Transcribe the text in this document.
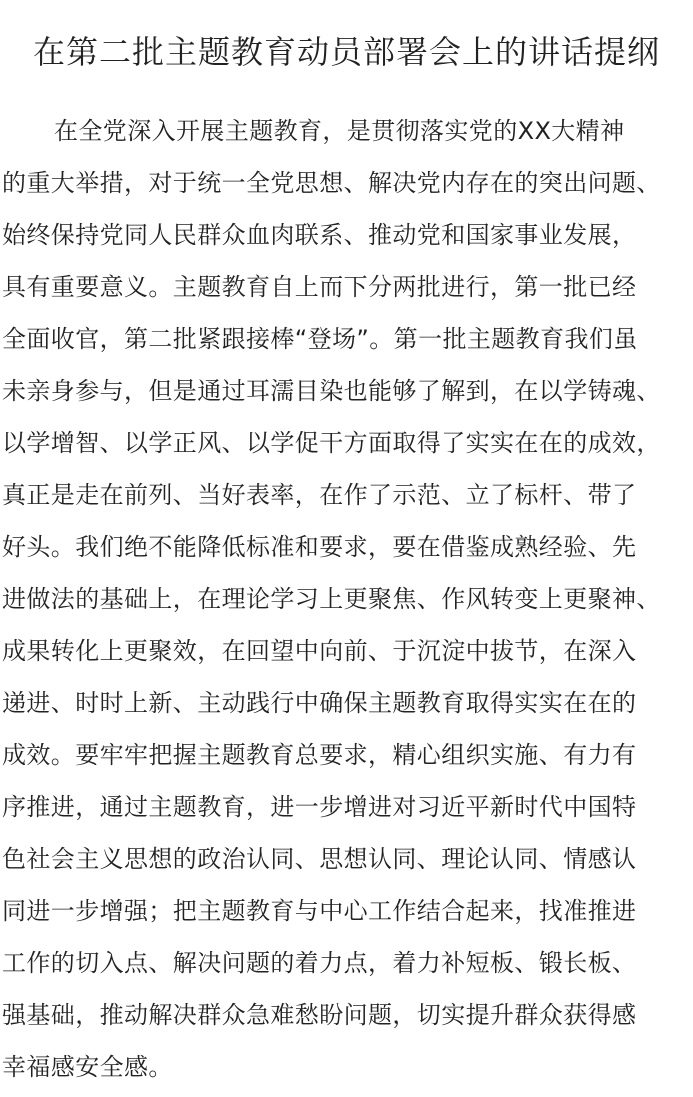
在第二批主题教育动员部署会上的讲话提纲
在全党深入开展主题教育，是贯彻落实党的XX大精神
的重大举措，对于统一全党思想、解决党内存在的突出问题、
始终保持党同人民群众血肉联系、推动党和国家事业发展，
具有重要意义。主题教育自上而下分两批进行，第一批已经
全面收官，第二批紧跟接棒“登场”。第一批主题教育我们虽
未亲身参与，但是通过耳濡目染也能够了解到，在以学铸魂、
以学增智、以学正风、以学促干方面取得了实实在在的成效，
真正是走在前列、当好表率，在作了示范、立了标杆、带了
好头。我们绝不能降低标准和要求，要在借鉴成熟经验、先
进做法的基础上，在理论学习上更聚焦、作风转变上更聚神、
成果转化上更聚效，在回望中向前、于沉淀中拔节，在深入
递进、时时上新、主动践行中确保主题教育取得实实在在的
成效。要牢牢把握主题教育总要求，精心组织实施、有力有
序推进，通过主题教育，进一步增进对习近平新时代中国特
色社会主义思想的政治认同、思想认同、理论认同、情感认
同进一步增强；把主题教育与中心工作结合起来，找准推进
工作的切入点、解决问题的着力点，着力补短板、锻长板、
强基础，推动解决群众急难愁盼问题，切实提升群众获得感
幸福感安全感。
